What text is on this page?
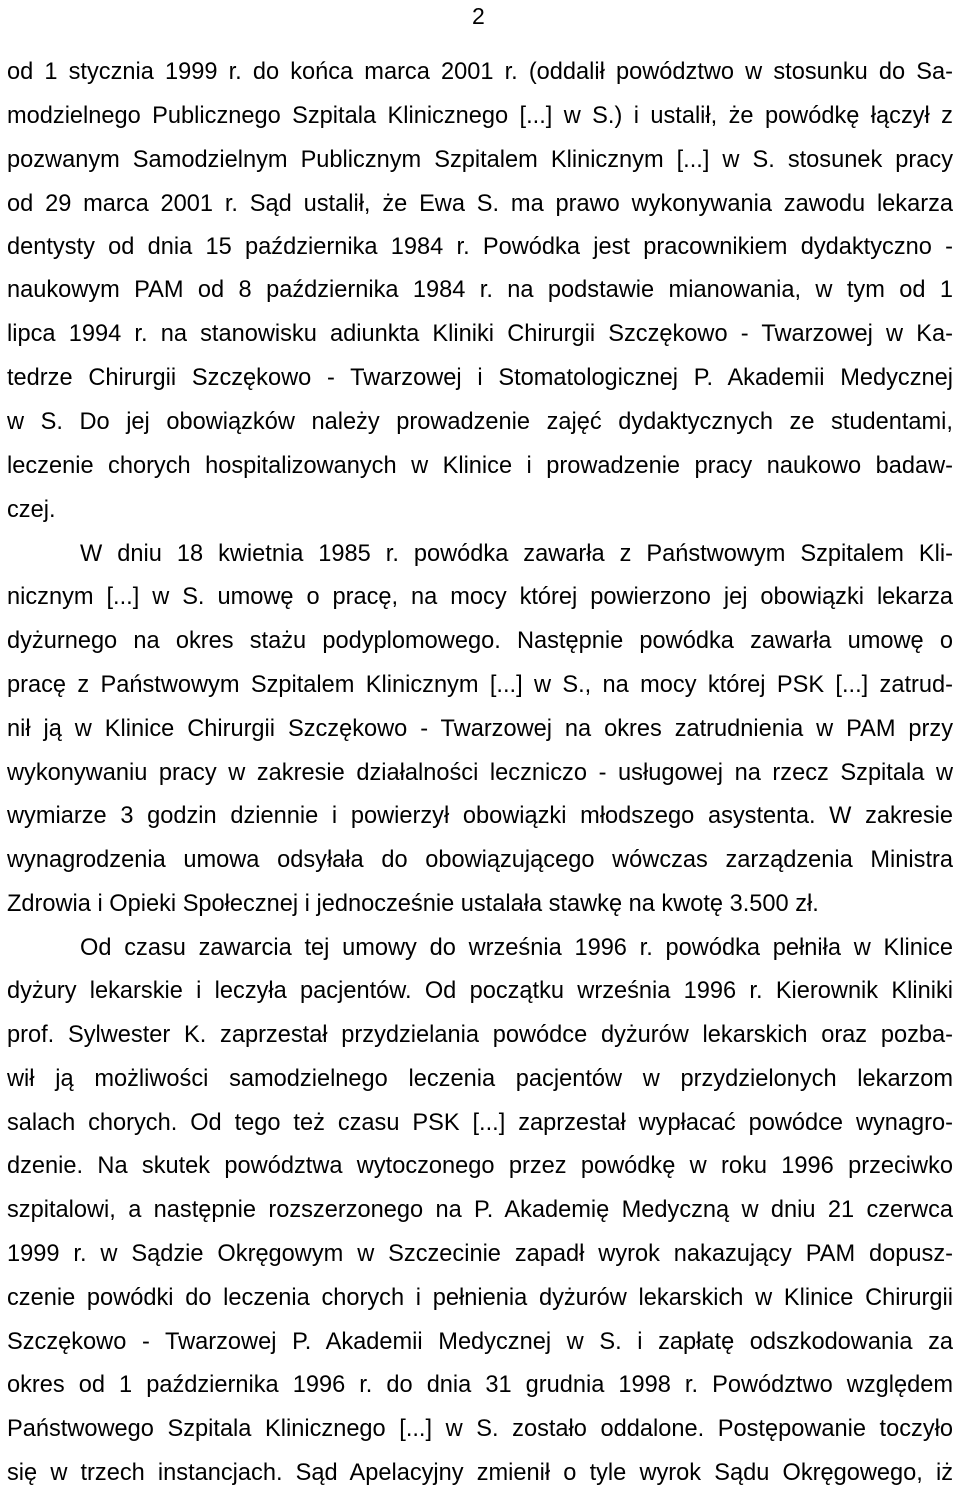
2
od 1 stycznia 1999 r. do końca marca 2001 r. (oddalił powództwo w stosunku do Sa-
modzielnego Publicznego Szpitala Klinicznego [...] w S.) i ustalił, że powódkę łączył z
pozwanym Samodzielnym Publicznym Szpitalem Klinicznym [...] w S. stosunek pracy
od 29 marca 2001 r. Sąd ustalił, że Ewa S. ma prawo wykonywania zawodu lekarza
dentysty od dnia 15 października 1984 r. Powódka jest pracownikiem dydaktyczno -
naukowym PAM od 8 października 1984 r. na podstawie mianowania, w tym od 1
lipca 1994 r. na stanowisku adiunkta Kliniki Chirurgii Szczękowo - Twarzowej w Ka-
tedrze Chirurgii Szczękowo - Twarzowej i Stomatologicznej P. Akademii Medycznej
w S. Do jej obowiązków należy prowadzenie zajęć dydaktycznych ze studentami,
leczenie chorych hospitalizowanych w Klinice i prowadzenie pracy naukowo badaw-
czej.
W dniu 18 kwietnia 1985 r. powódka zawarła z Państwowym Szpitalem Kli-
nicznym [...] w S. umowę o pracę, na mocy której powierzono jej obowiązki lekarza
dyżurnego na okres stażu podyplomowego. Następnie powódka zawarła umowę o
pracę z Państwowym Szpitalem Klinicznym [...] w S., na mocy której PSK [...] zatrud-
nił ją w Klinice Chirurgii Szczękowo - Twarzowej na okres zatrudnienia w PAM przy
wykonywaniu pracy w zakresie działalności leczniczo - usługowej na rzecz Szpitala w
wymiarze 3 godzin dziennie i powierzył obowiązki młodszego asystenta. W zakresie
wynagrodzenia umowa odsyłała do obowiązującego wówczas zarządzenia Ministra
Zdrowia i Opieki Społecznej i jednocześnie ustalała stawkę na kwotę 3.500 zł.
Od czasu zawarcia tej umowy do września 1996 r. powódka pełniła w Klinice
dyżury lekarskie i leczyła pacjentów. Od początku września 1996 r. Kierownik Kliniki
prof. Sylwester K. zaprzestał przydzielania powódce dyżurów lekarskich oraz pozba-
wił ją możliwości samodzielnego leczenia pacjentów w przydzielonych lekarzom
salach chorych. Od tego też czasu PSK [...] zaprzestał wypłacać powódce wynagro-
dzenie. Na skutek powództwa wytoczonego przez powódkę w roku 1996 przeciwko
szpitalowi, a następnie rozszerzonego na P. Akademię Medyczną w dniu 21 czerwca
1999 r. w Sądzie Okręgowym w Szczecinie zapadł wyrok nakazujący PAM dopusz-
czenie powódki do leczenia chorych i pełnienia dyżurów lekarskich w Klinice Chirurgii
Szczękowo - Twarzowej P. Akademii Medycznej w S. i zapłatę odszkodowania za
okres od 1 października 1996 r. do dnia 31 grudnia 1998 r. Powództwo względem
Państwowego Szpitala Klinicznego [...] w S. zostało oddalone. Postępowanie toczyło
się w trzech instancjach. Sąd Apelacyjny zmienił o tyle wyrok Sądu Okręgowego, iż
